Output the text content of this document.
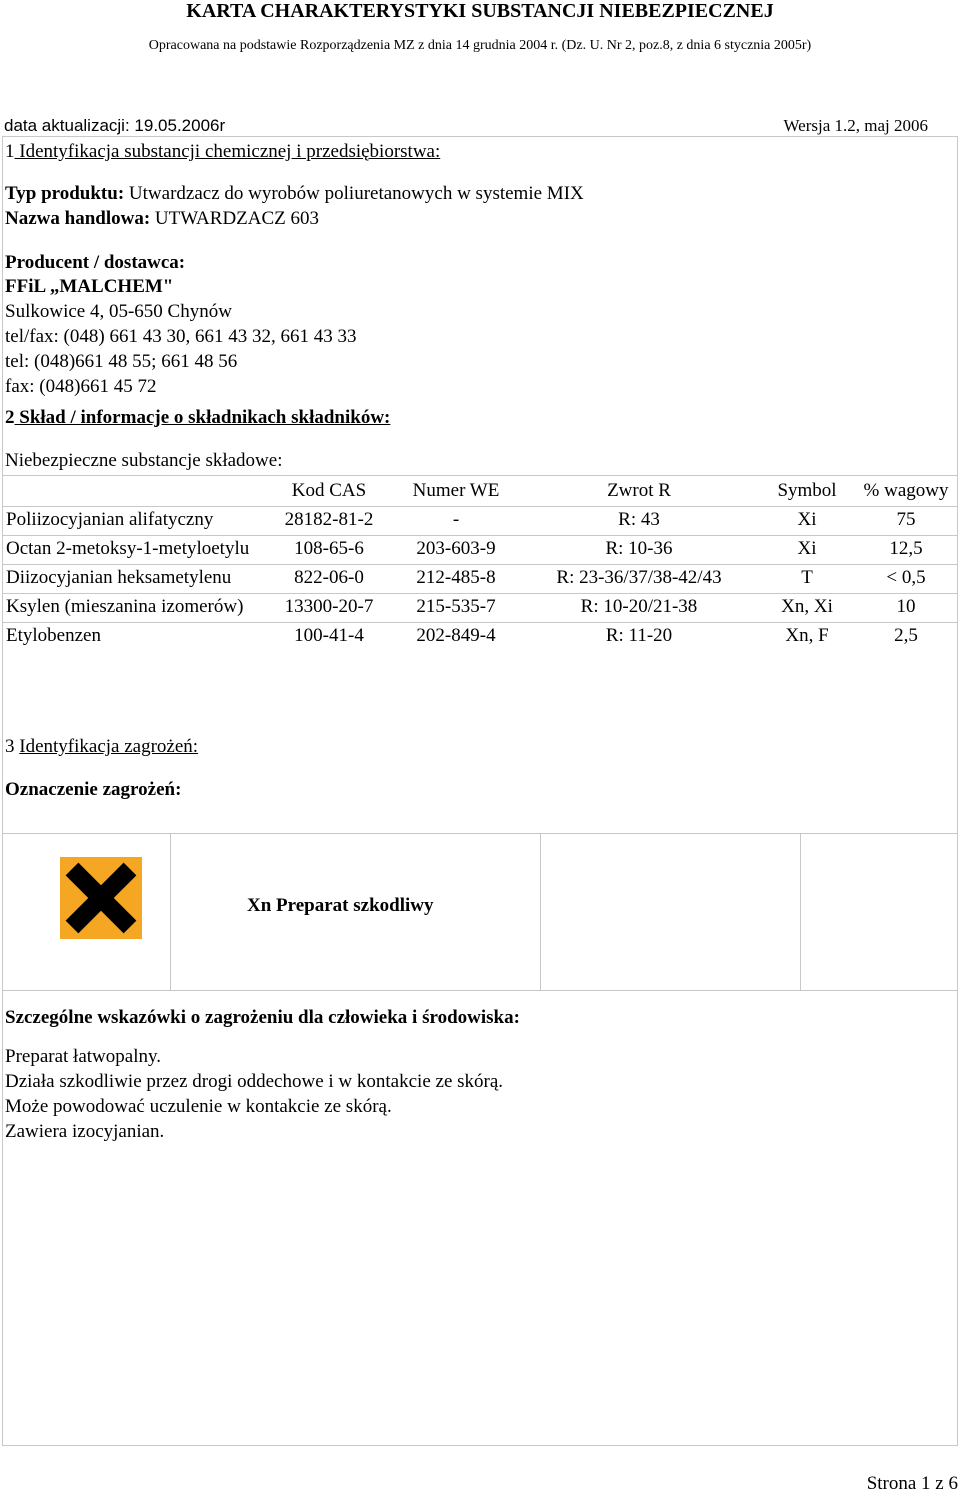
KARTA CHARAKTERYSTYKI SUBSTANCJI NIEBEZPIECZNEJ
Opracowana na podstawie Rozporządzenia MZ z dnia 14 grudnia 2004 r. (Dz. U. Nr 2, poz.8, z dnia 6 stycznia 2005r)
data aktualizacji: 19.05.2006r	Wersja 1.2, maj 2006
1 Identyfikacja substancji chemicznej i przedsiębiorstwa:
Typ produktu: Utwardzacz do wyrobów poliuretanowych w systemie MIX
Nazwa handlowa: UTWARDZACZ 603
Producent / dostawca:
FFiL „MALCHEM"
Sulkowice 4, 05-650 Chynów
tel/fax: (048) 661 43 30, 661 43 32, 661 43 33
tel: (048)661 48 55; 661 48 56
fax: (048)661 45 72
2 Skład / informacje o składnikach składników:
Niebezpieczne substancje składowe:
	Kod CAS	Numer WE	Zwrot R	Symbol	% wagowy
Poliizocyjanian alifatyczny	28182-81-2	-	R: 43	Xi	75
Octan 2-metoksy-1-metyloetylu	108-65-6	203-603-9	R: 10-36	Xi	12,5
Diizocyjanian heksametylenu	822-06-0	212-485-8	R: 23-36/37/38-42/43	T	< 0,5
Ksylen (mieszanina izomerów)	13300-20-7	215-535-7	R: 10-20/21-38	Xn, Xi	10
Etylobenzen	100-41-4	202-849-4	R: 11-20	Xn, F	2,5
3 Identyfikacja zagrożeń:
Oznaczenie zagrożeń:
Xn Preparat szkodliwy
Szczególne wskazówki o zagrożeniu dla człowieka i środowiska:
Preparat łatwopalny.
Działa szkodliwie przez drogi oddechowe i w kontakcie ze skórą.
Może powodować uczulenie w kontakcie ze skórą.
Zawiera izocyjanian.
Strona 1 z 6
